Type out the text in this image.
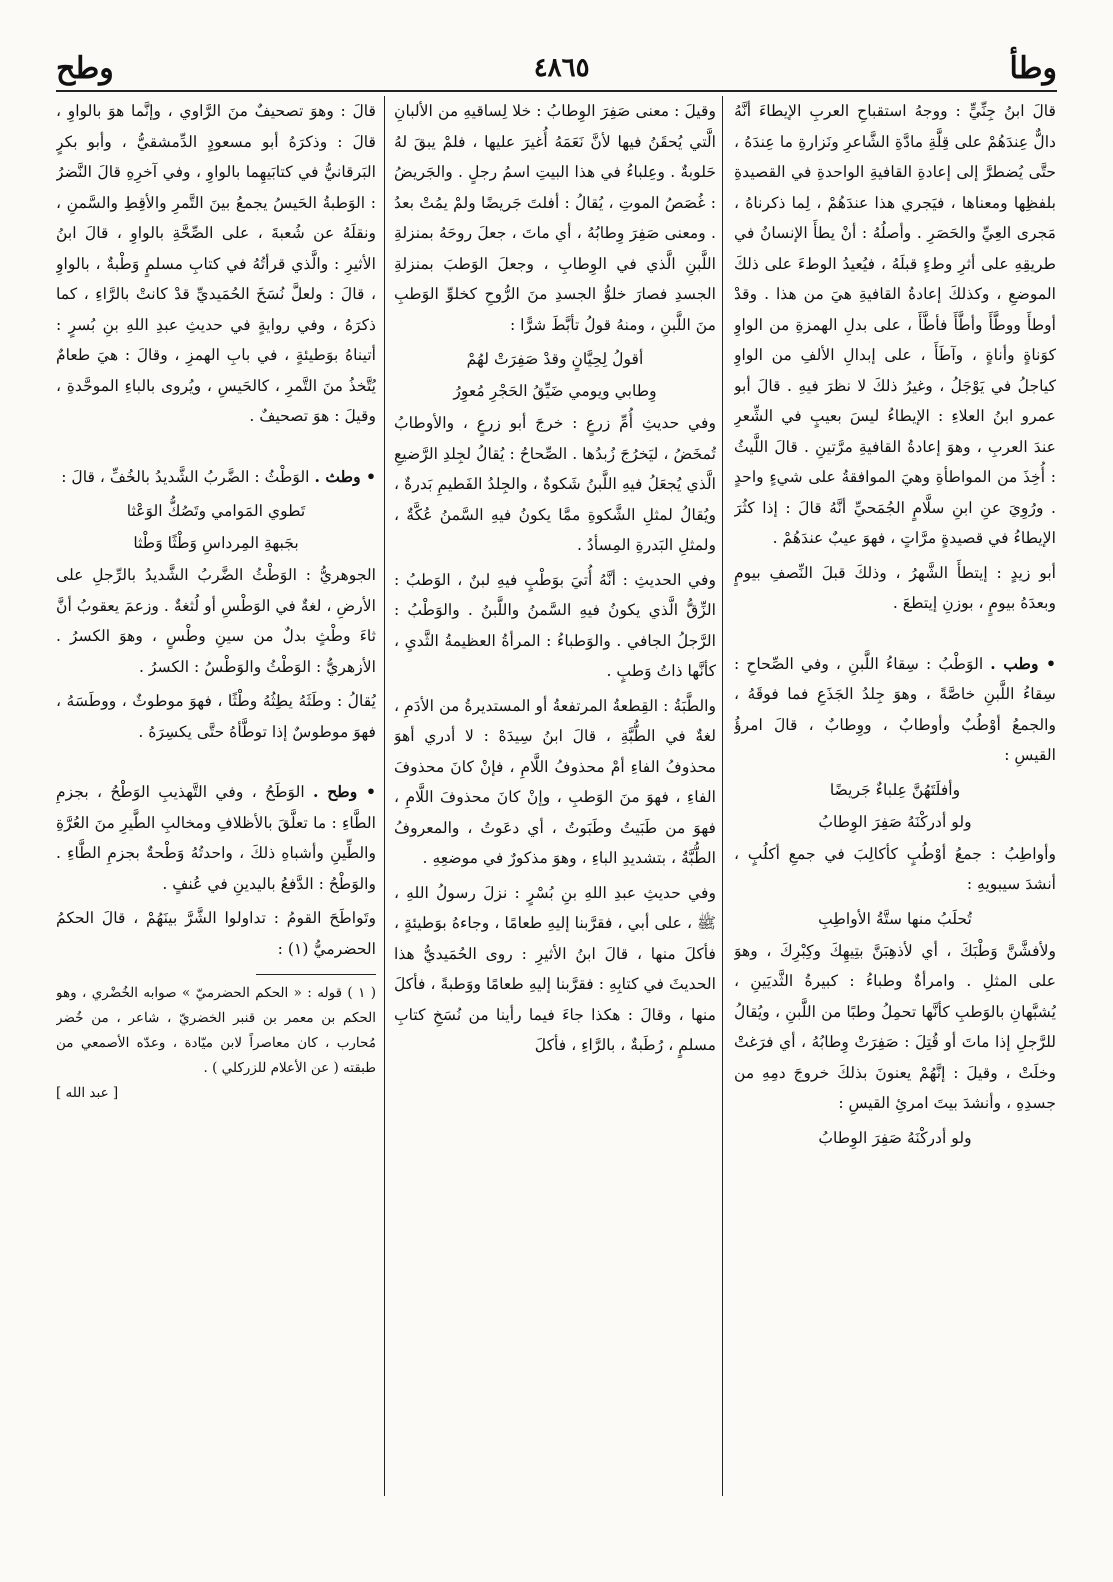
وطأ
٤٨٦٥
وطح

قالَ ابنُ جِنِّيٍّ : ووجهُ استقباحِ العربِ الإيطاءَ أنَّهُ دالٌّ عِندَهُمْ على قِلَّةِ مادَّةِ الشَّاعرِ ونَزارةِ ما عِندَهُ ، حتَّى يُضطرَّ إلى إعادةِ القافيةِ الواحدةِ في القصيدةِ بلفظِها ومعناها ، فيَجري هذا عندَهُمْ ، لِما ذكرناهُ ، مَجرى العِيِّ والحَصَرِ . وأصلُهُ : أنْ يطأَ الإنسانُ في طريقِهِ على أثرِ وطءٍ قبلَهُ ، فيُعيدُ الوطءَ على ذلكَ الموضعِ ، وكذلكَ إعادةُ القافيةِ هيَ من هذا . وقدْ أوطأَ ووطَّأَ وأطَّأَ فأطَّأَ ، على بدلِ الهمزةِ من الواوِ كوَناةٍ وأناةٍ ، وآطَأَ ، على إبدالِ الألفِ من الواوِ كياجلُ في يَوْجَلُ ، وغيرُ ذلكَ لا نظرَ فيهِ . قالَ أبو عمرو ابنُ العلاءِ : الإيطاءُ ليسَ بعيبٍ في الشِّعرِ عندَ العربِ ، وهوَ إعادةُ القافيةِ مرَّتينِ . قالَ اللَّيثُ : أُخِذَ من المواطأةِ وهيَ الموافقةُ على شيءٍ واحدٍ . ورُوِيَ عنِ ابنِ سلَّامٍ الجُمَحيِّ أنَّهُ قالَ : إذا كثُرَ الإيطاءُ في قصيدةٍ مرَّاتٍ ، فهوَ عيبٌ عندَهُمْ .

أبو زيدٍ : إيتطأَ الشَّهرُ ، وذلكَ قبلَ النِّصفِ بيومٍ وبعدَهُ بيومٍ ، بوزنِ إيتطعَ .

• وطب . الوَطْبُ : سِقاءُ اللَّبنِ ، وفي الصِّحاحِ : سِقاءُ اللَّبنِ خاصَّةً ، وهوَ جِلدُ الجَذَعِ فما فوقَهُ ، والجمعُ أوْطُبٌ وأوطابٌ ، ووِطابٌ ، قالَ امرؤُ القيسِ :

وأفلَتَهُنَّ عِلباءٌ جَريضًا
ولو أدركْنَهُ صَفِرَ الوِطابُ

وأواطِبُ : جمعُ أوْطُبٍ كأكالِبَ في جمعِ أكلُبٍ ، أنشدَ سيبويهِ :

تُحلَبُ منها ستَّةُ الأواطِبِ

ولأفشَّنَّ وَطْبَكَ ، أي لأذهِبَنَّ بتِيهِكَ وكِبْرِكَ ، وهوَ على المثلِ . وامرأةٌ وطباءُ : كبيرةُ الثَّديَينِ ، يُشبَّهانِ بالوَطبِ كأنَّها تحمِلُ وطبًا من اللَّبنِ ، ويُقالُ للرَّجلِ إذا ماتَ أو قُتِلَ : صَفِرَتْ وِطابُهُ ، أي فرَغتْ وخلَتْ ، وقيلَ : إنَّهُمْ يعنونَ بذلكَ خروجَ دمِهِ من جسدِهِ ، وأنشدَ بيتَ امرئِ القيسِ :

ولو أدركْنَهُ صَفِرَ الوِطابُ

وقيلَ : معنى صَفِرَ الوِطابُ : خلا لِساقيهِ من الألبانِ الَّتي يُحقَنُ فيها لأنَّ نَعَمَهُ أُغيرَ عليها ، فلمْ يبقَ لهُ حَلوبةٌ . وعِلباءُ في هذا البيتِ اسمُ رجلٍ . والجَريضُ : غُصَصُ الموتِ ، يُقالُ : أفلتَ جَريضًا ولمْ يمُتْ بعدُ . ومعنى صَفِرَ وِطابُهُ ، أي ماتَ ، جعلَ روحَهُ بمنزلةِ اللَّبنِ الَّذي في الوِطابِ ، وجعلَ الوَطبَ بمنزلةِ الجسدِ فصارَ خلوُّ الجسدِ منَ الرُّوحِ كخلوِّ الوَطبِ منَ اللَّبنِ ، ومنهُ قولُ تأبَّطَ شرًّا :

أقولُ لِحِيَّانٍ وقدْ صَفِرَتْ لهُمْ
وِطابي ويومي ضَيِّقُ الحَجْرِ مُعوِرُ

وفي حديثِ أُمِّ زرعٍ : خرجَ أبو زرعٍ ، والأوطابُ تُمخَضُ ، ليَخرُجَ زُبدُها . الصِّحاحُ : يُقالُ لجِلدِ الرَّضيعِ الَّذي يُجعَلُ فيهِ اللَّبنُ شَكوةٌ ، والجِلدُ الفَطيمِ بَدرةٌ ، ويُقالُ لمثلِ الشَّكوةِ ممَّا يكونُ فيهِ السَّمنُ عُكَّةٌ ، ولمثلِ البَدرةِ المِسأدُ .

وفي الحديثِ : أنَّهُ أُتيَ بوَطْبٍ فيهِ لبنٌ ، الوَطبُ : الزِّقُّ الَّذي يكونُ فيهِ السَّمنُ واللَّبنُ . والوَطْبُ : الرَّجلُ الجافي . والوَطباءُ : المرأةُ العظيمةُ الثَّديِ ، كأنَّها ذاتُ وَطبٍ .

والطَّبَةُ : القِطعةُ المرتفعةُ أو المستديرةُ من الأدَمِ ، لغةٌ في الطُّبَّةِ ، قالَ ابنُ سِيدَهْ : لا أدري أهوَ محذوفُ الفاءِ أمْ محذوفُ اللَّامِ ، فإنْ كانَ محذوفَ الفاءِ ، فهوَ منَ الوَطبِ ، وإنْ كانَ محذوفَ اللَّامِ ، فهوَ من طَبَيتُ وطَبَوتُ ، أي دعَوتُ ، والمعروفُ الطُّبَّةُ ، بتشديدِ الباءِ ، وهوَ مذكورٌ في موضعِهِ .

وفي حديثِ عبدِ اللهِ بنِ بُسْرٍ : نزلَ رسولُ اللهِ ، ﷺ ، على أبي ، فقرَّبنا إليهِ طعامًا ، وجاءهُ بوَطيئةٍ ، فأكلَ منها ، قالَ ابنُ الأثيرِ : روى الحُمَيديُّ هذا الحديثَ في كتابِهِ : فقرَّبنا إليهِ طعامًا ووَطبةً ، فأكلَ منها ، وقالَ : هكذا جاءَ فيما رأينا من نُسَخِ كتابِ مسلمٍ ، رُطَبةٌ ، بالرَّاءِ ، فأكلَ

قالَ : وهوَ تصحيفٌ منَ الرَّاوي ، وإنَّما هوَ بالواوِ ، قالَ : وذكرَهُ أبو مسعودٍ الدِّمشقيُّ ، وأبو بكرٍ البَرقانيُّ في كتابَيهِما بالواوِ ، وفي آخرِهِ قالَ النَّضرُ : الوَطبةُ الحَيسُ يجمعُ بينَ التَّمرِ والأقِطِ والسَّمنِ ، ونقلَهُ عن شُعبةَ ، على الصِّحَّةِ بالواوِ ، قالَ ابنُ الأثيرِ : والَّذي قرأتُهُ في كتابِ مسلمٍ وَطْبةٌ ، بالواوِ ، قالَ : ولعلَّ نُسَخَ الحُمَيديِّ قدْ كانتْ بالرَّاءِ ، كما ذكرَهُ ، وفي روايةٍ في حديثِ عبدِ اللهِ بنِ بُسرٍ : أتيناهُ بوَطيئةٍ ، في بابِ الهمزِ ، وقالَ : هيَ طعامٌ يُتَّخذُ منَ التَّمرِ ، كالحَيسِ ، ويُروى بالباءِ الموحَّدةِ ، وقيلَ : هوَ تصحيفٌ .

• وطث . الوَطْثُ : الضَّربُ الشَّديدُ بالخُفِّ ، قالَ :

تَطوي المَوامي وتَصُكُّ الوَعْثا
بجَبهةِ المِرداسِ وَطْثًا وَطْثا

الجوهريُّ : الوَطْثُ الضَّربُ الشَّديدُ بالرِّجلِ على الأرضِ ، لغةٌ في الوَطْسِ أو لُثغةٌ . وزعمَ يعقوبُ أنَّ ثاءَ وطْثٍ بدلٌ من سينِ وطْسٍ ، وهوَ الكسرُ . الأزهريُّ : الوَطْثُ والوَطْسُ : الكسرُ .

يُقالُ : وطَثَهُ يطِثُهُ وطْثًا ، فهوَ موطوثٌ ، ووطَسَهُ ، فهوَ موطوسٌ إذا توطَّأهُ حتَّى يكسِرَهُ .

• وطح . الوَطَحُ ، وفي التَّهذيبِ الوَطْحُ ، بجزمِ الطَّاءِ : ما تعلَّقَ بالأظلافِ ومخالبِ الطَّيرِ منَ العُرَّةِ والطِّينِ وأشباهِ ذلكَ ، واحدتُهُ وَطْحةٌ بجزمِ الطَّاءِ . والوَطْحُ : الدَّفعُ باليدينِ في عُنفٍ .

وتَواطَحَ القومُ : تداولوا الشَّرَّ بينَهُمْ ، قالَ الحكمُ الحضرميُّ (١) :

( ١ ) قوله : « الحكم الحضرميّ » صوابه الخُضْري ، وهو الحكم بن معمر بن قنبر الخضريّ ، شاعر ، من خُضر مُحارب ، كان معاصراً لابن ميّادة ، وعدّه الأصمعي من طبقته ( عن الأعلام للزركلي ) .
[ عبد الله ]
